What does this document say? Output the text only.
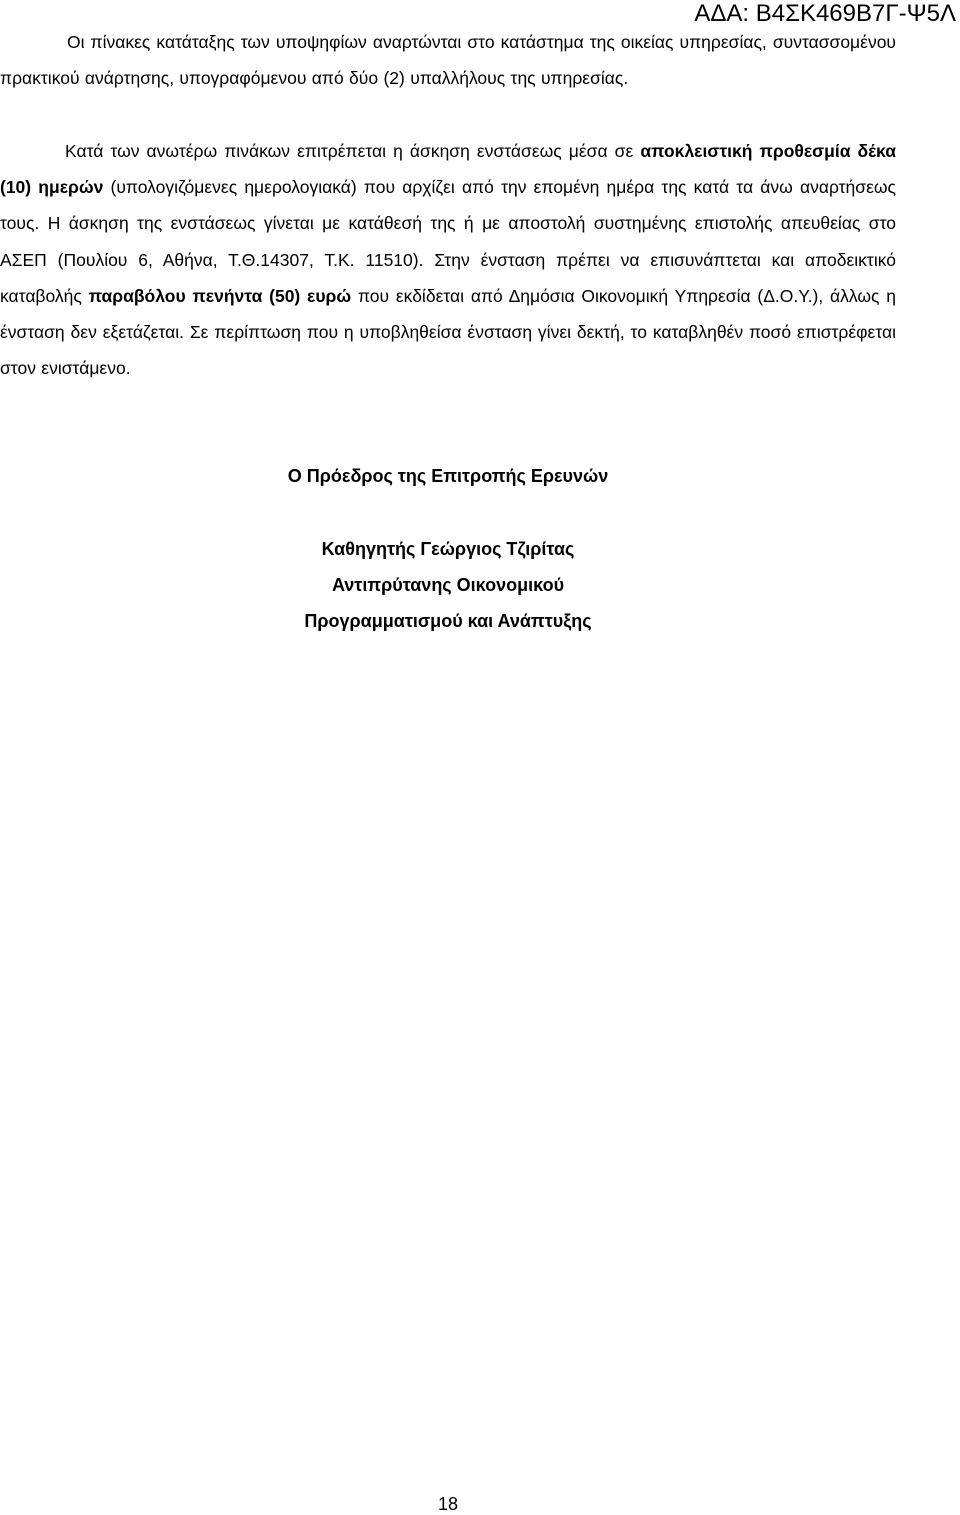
ΑΔΑ: Β4ΣΚ469Β7Γ-Ψ5Λ

Οι πίνακες κατάταξης των υποψηφίων αναρτώνται στο κατάστημα της οικείας υπηρεσίας, συντασσομένου πρακτικού ανάρτησης, υπογραφόμενου από δύο (2) υπαλλήλους της υπηρεσίας.

Κατά των ανωτέρω πινάκων επιτρέπεται η άσκηση ενστάσεως μέσα σε αποκλειστική προθεσμία δέκα (10) ημερών (υπολογιζόμενες ημερολογιακά) που αρχίζει από την επομένη ημέρα της κατά τα άνω αναρτήσεως τους. Η άσκηση της ενστάσεως γίνεται με κατάθεσή της ή με αποστολή συστημένης επιστολής απευθείας στο ΑΣΕΠ (Πουλίου 6, Αθήνα, Τ.Θ.14307, Τ.Κ. 11510). Στην ένσταση πρέπει να επισυνάπτεται και αποδεικτικό καταβολής παραβόλου πενήντα (50) ευρώ που εκδίδεται από Δημόσια Οικονομική Υπηρεσία (Δ.Ο.Υ.), άλλως η ένσταση δεν εξετάζεται. Σε περίπτωση που η υποβληθείσα ένσταση γίνει δεκτή, το καταβληθέν ποσό επιστρέφεται στον ενιστάμενο.

Ο Πρόεδρος της Επιτροπής Ερευνών
Καθηγητής Γεώργιος Τζιρίτας
Αντιπρύτανης Οικονομικού
Προγραμματισμού και Ανάπτυξης
18
